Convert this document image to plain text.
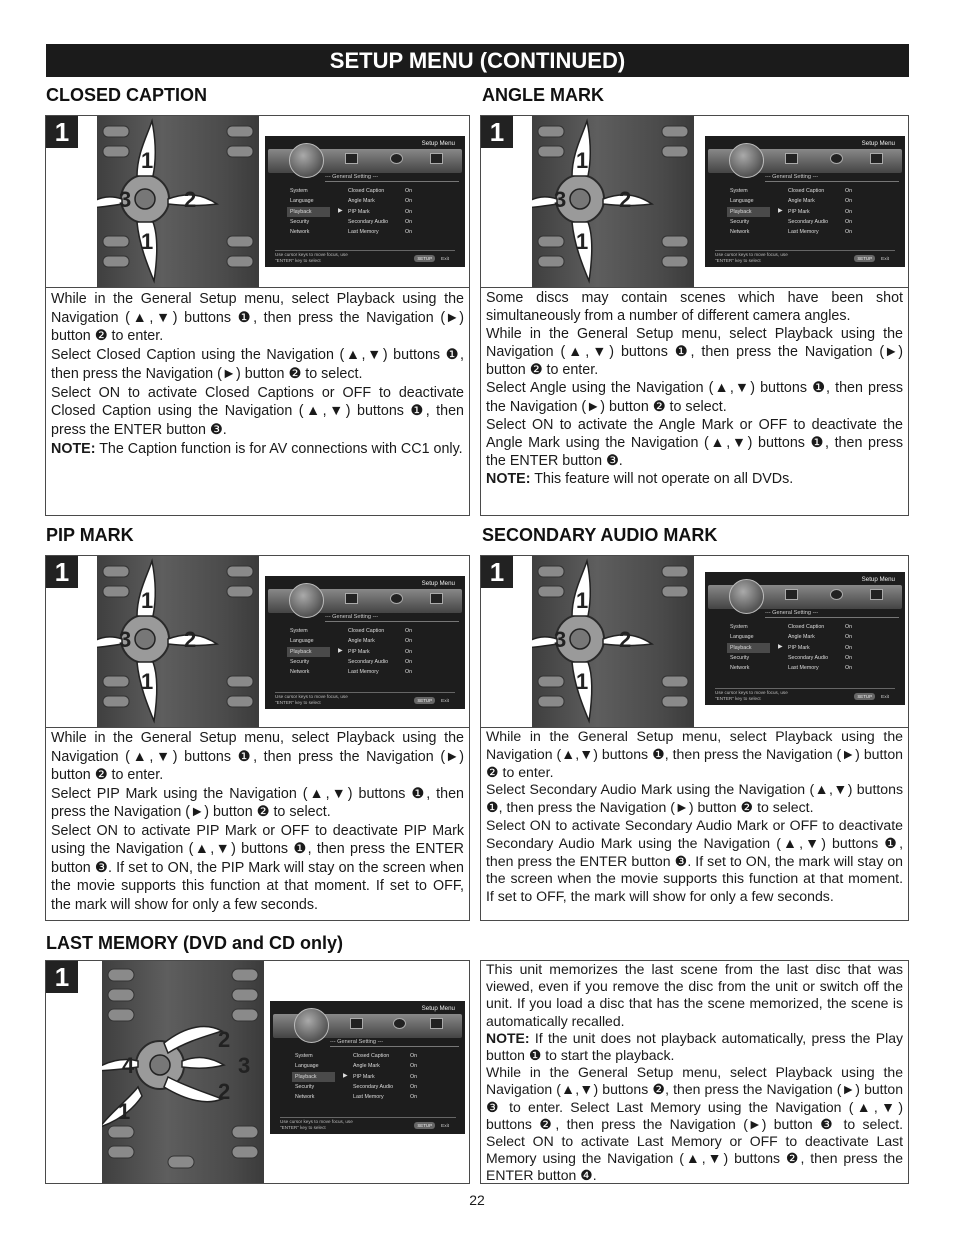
SETUP MENU (CONTINUED)
CLOSED CAPTION
1
1
3 2
1
Setup Menu
--- General Setting ---
System
Language
Playback
Security
Network
▶
Closed Caption
Angle Mark
PIP Mark
Secondary Audio
Last Memory
On
On
On
On
On
Use cursor keys to move focus, use
"ENTER" key to select	SETUP	Exit
While in the General Setup menu, select Playback using the Navigation (▲,▼) buttons ❶, then press the Navigation (►) button ❷ to enter.
Select Closed Caption using the Navigation (▲,▼) buttons ❶, then press the Navigation (►) button ❷ to select.
Select ON to activate Closed Captions or OFF to deactivate Closed Caption using the Navigation (▲,▼) buttons ❶, then press the ENTER button ❸.
NOTE: The Caption function is for AV connections with CC1 only.
ANGLE MARK
1
1
3 2
1
Setup Menu
--- General Setting ---
System
Language
Playback
Security
Network
▶
Closed Caption
Angle Mark
PIP Mark
Secondary Audio
Last Memory
On
On
On
On
On
Use cursor keys to move focus, use
"ENTER" key to select	SETUP	Exit
Some discs may contain scenes which have been shot simultaneously from a number of different camera angles.
While in the General Setup menu, select Playback using the Navigation (▲,▼) buttons ❶, then press the Navigation (►) button ❷ to enter.
Select Angle using the Navigation (▲,▼) buttons ❶, then press the Navigation (►) button ❷ to select.
Select ON to activate the Angle Mark or OFF to deactivate the Angle Mark using the Navigation (▲,▼) buttons ❶, then press the ENTER button ❸.
NOTE: This feature will not operate on all DVDs.
PIP MARK
1
1
3 2
1
Setup Menu
--- General Setting ---
System
Language
Playback
Security
Network
▶
Closed Caption
Angle Mark
PIP Mark
Secondary Audio
Last Memory
On
On
On
On
On
Use cursor keys to move focus, use
"ENTER" key to select	SETUP	Exit
While in the General Setup menu, select Playback using the Navigation (▲,▼) buttons ❶, then press the Navigation (►) button ❷ to enter.
Select PIP Mark using the Navigation (▲,▼) buttons ❶, then press the Navigation (►) button ❷ to select.
Select ON to activate PIP Mark or OFF to deactivate PIP Mark using the Navigation (▲,▼) buttons ❶, then press the ENTER button ❸. If set to ON, the PIP Mark will stay on the screen when the movie supports this function at that moment. If set to OFF, the mark will show for only a few seconds.
SECONDARY AUDIO MARK
1
1
3 2
1
Setup Menu
--- General Setting ---
System
Language
Playback
Security
Network
▶
Closed Caption
Angle Mark
PIP Mark
Secondary Audio
Last Memory
On
On
On
On
On
Use cursor keys to move focus, use
"ENTER" key to select	SETUP	Exit
While in the General Setup menu, select Playback using the Navigation (▲,▼) buttons ❶, then press the Navigation (►) button ❷ to enter.
Select Secondary Audio Mark using the Navigation (▲,▼) buttons ❶, then press the Navigation (►) button ❷ to select.
Select ON to activate Secondary Audio Mark or OFF to deactivate Secondary Audio Mark using the Navigation (▲,▼) buttons ❶, then press the ENTER button ❸. If set to ON, the mark will stay on the screen when the movie supports this function at that moment. If set to OFF, the mark will show for only a few seconds.
LAST MEMORY (DVD and CD only)
1
2
4	3
2
1
Setup Menu
--- General Setting ---
System
Language
Playback
Security
Network
▶
Closed Caption
Angle Mark
PIP Mark
Secondary Audio
Last Memory
On
On
On
On
On
Use cursor keys to move focus, use
"ENTER" key to select	SETUP	Exit
This unit memorizes the last scene from the last disc that was viewed, even if you remove the disc from the unit or switch off the unit. If you load a disc that has the scene memorized, the scene is automatically recalled.
NOTE: If the unit does not playback automatically, press the Play button ❶ to start the playback.
While in the General Setup menu, select Playback using the Navigation (▲,▼) buttons ❷, then press the Navigation (►) button ❸ to enter. Select Last Memory using the Navigation (▲,▼) buttons ❷, then press the Navigation (►) button ❸ to select. Select ON to activate Last Memory or OFF to deactivate Last Memory using the Navigation (▲,▼) buttons ❷, then press the ENTER button ❹.
22
